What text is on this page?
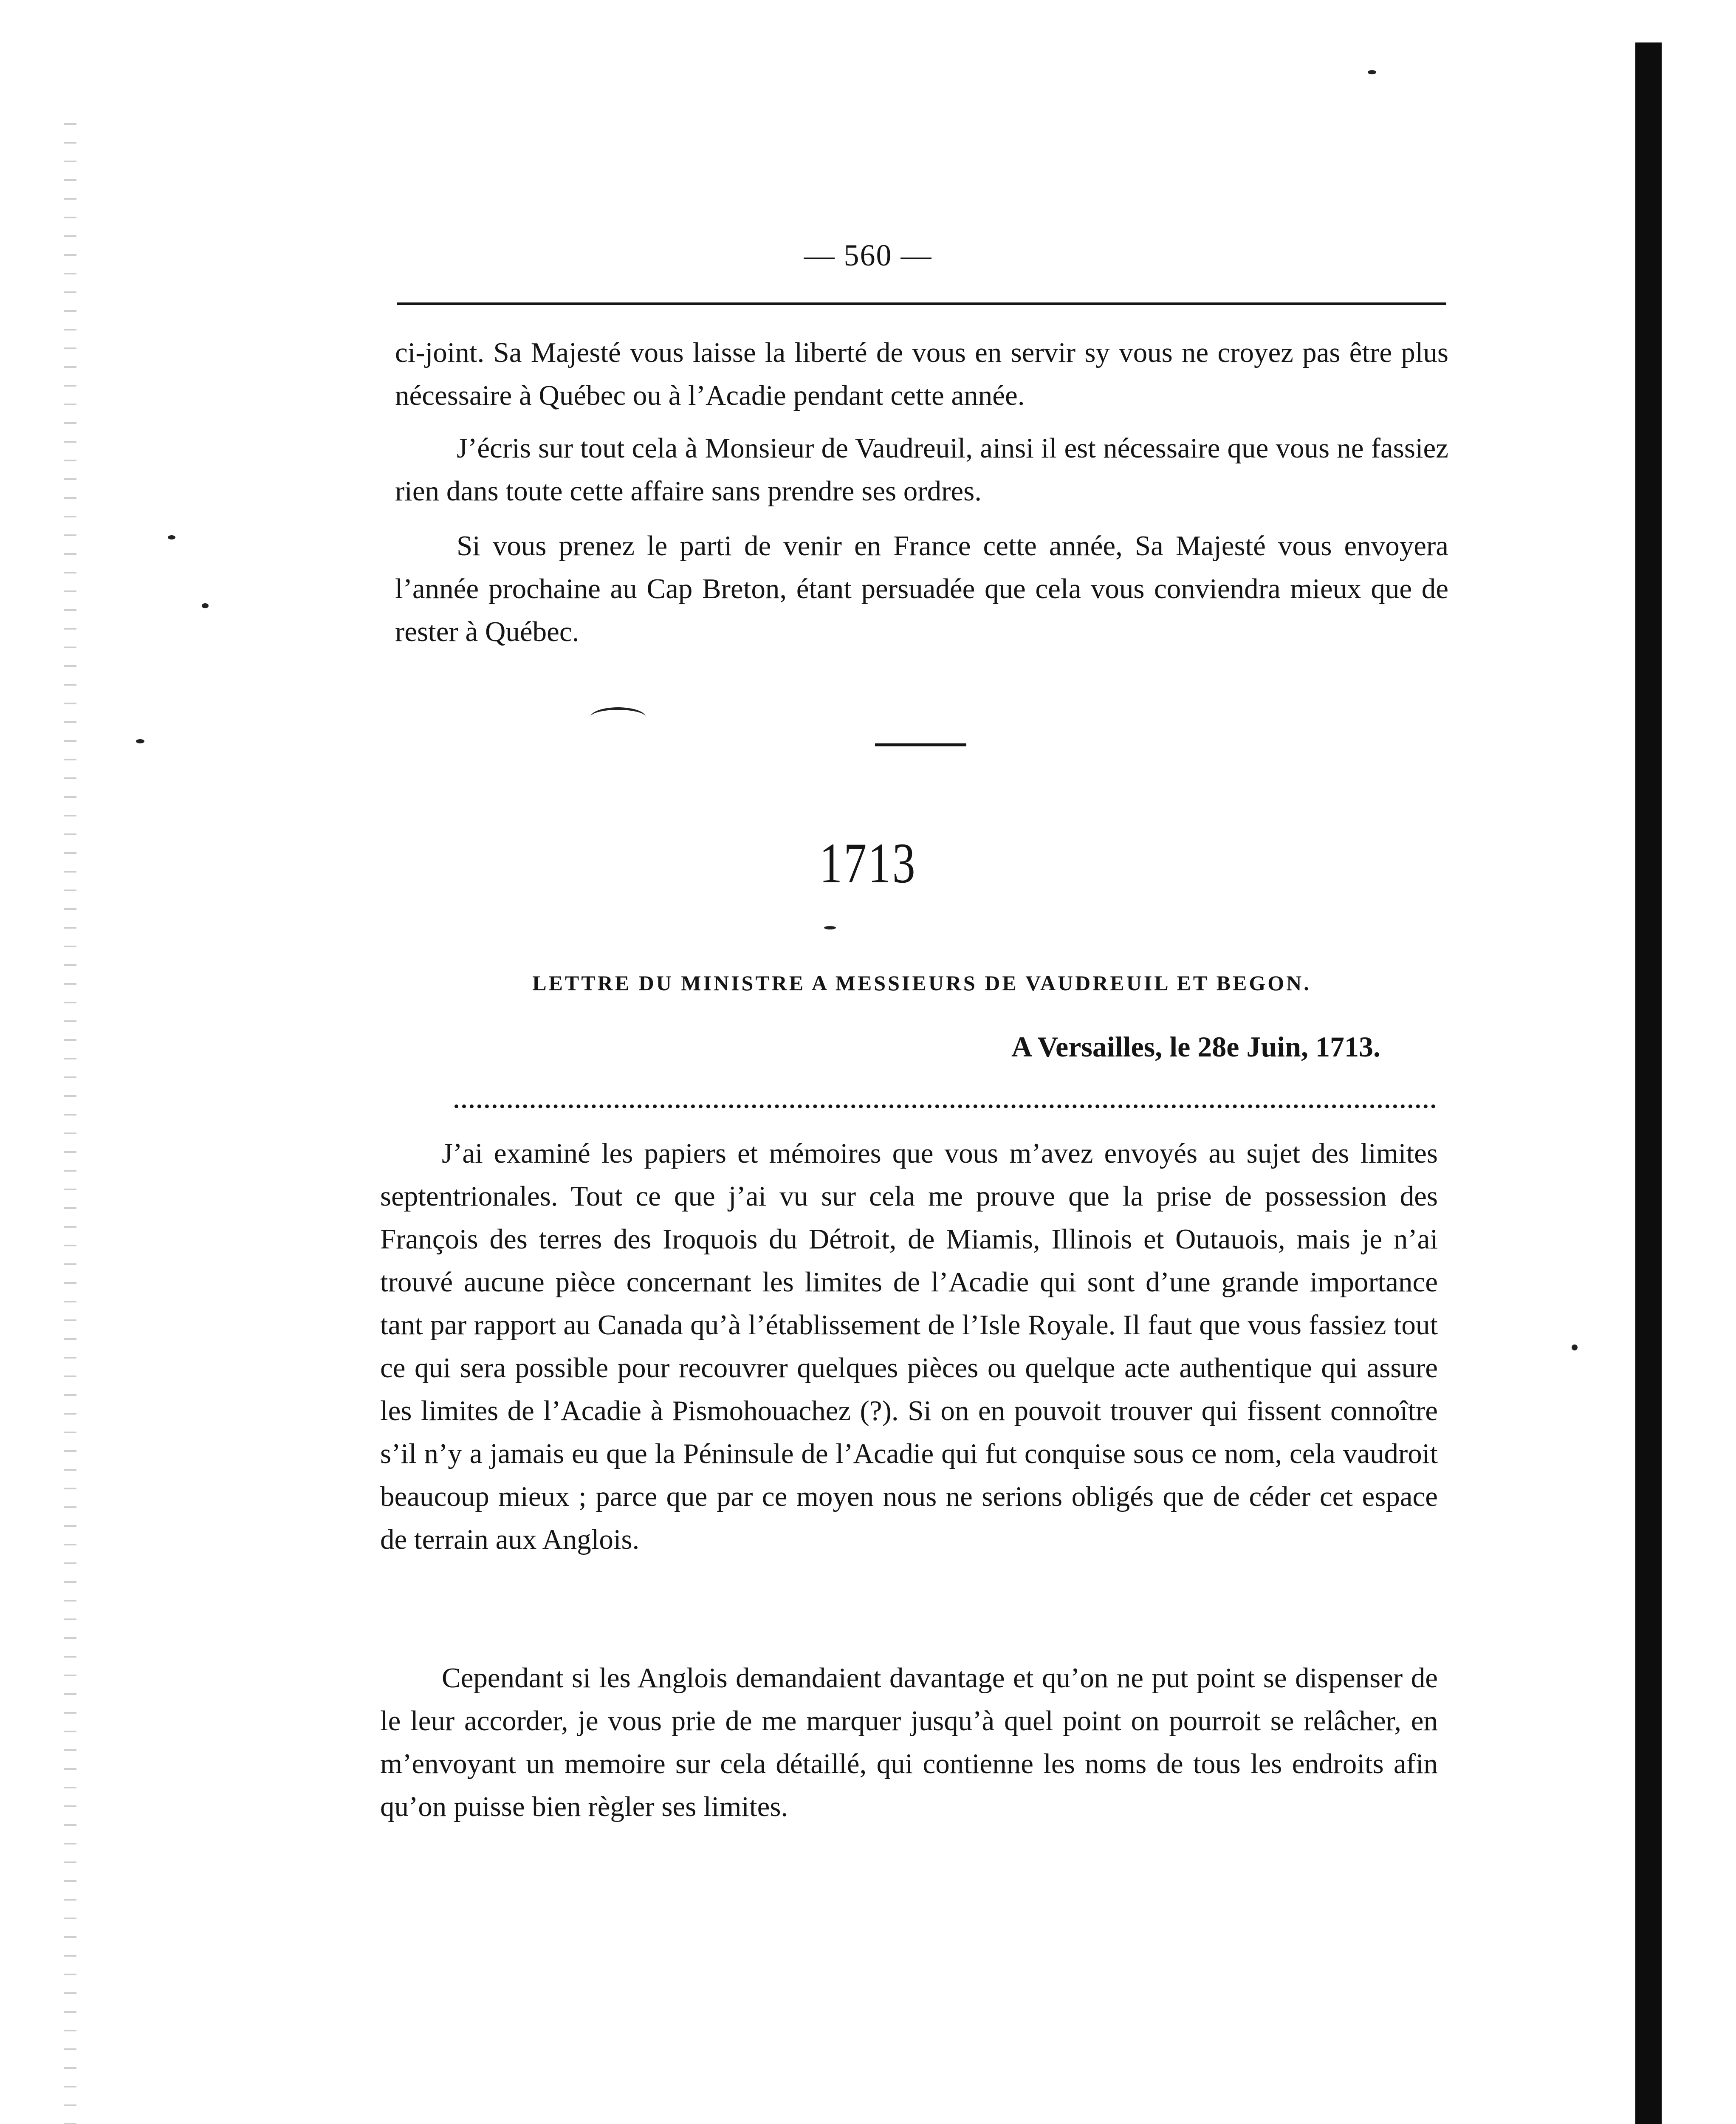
— 560 —

ci-joint. Sa Majesté vous laisse la liberté de vous en servir sy vous ne croyez pas être plus nécessaire à Québec ou à l’Acadie pendant cette année.

J’écris sur tout cela à Monsieur de Vaudreuil, ainsi il est nécessaire que vous ne fassiez rien dans toute cette affaire sans prendre ses ordres.

Si vous prenez le parti de venir en France cette année, Sa Majesté vous envoyera l’année prochaine au Cap Breton, étant persuadée que cela vous conviendra mieux que de rester à Québec.

1713
LETTRE DU MINISTRE A MESSIEURS DE VAUDREUIL ET BEGON.
A Versailles, le 28e Juin, 1713.

J’ai examiné les papiers et mémoires que vous m’avez envoyés au sujet des limites septentrionales. Tout ce que j’ai vu sur cela me prouve que la prise de possession des François des terres des Iroquois du Détroit, de Miamis, Illinois et Outauois, mais je n’ai trouvé aucune pièce concernant les limites de l’Acadie qui sont d’une grande importance tant par rapport au Canada qu’à l’établissement de l’Isle Royale. Il faut que vous fassiez tout ce qui sera possible pour recouvrer quelques pièces ou quelque acte authentique qui assure les limites de l’Acadie à Pismohouachez (?). Si on en pouvoit trouver qui fissent connoître s’il n’y a jamais eu que la Péninsule de l’Acadie qui fut conquise sous ce nom, cela vaudroit beaucoup mieux ; parce que par ce moyen nous ne serions obligés que de céder cet espace de terrain aux Anglois.

Cependant si les Anglois demandaient davantage et qu’on ne put point se dispenser de le leur accorder, je vous prie de me marquer jusqu’à quel point on pourroit se relâcher, en m’envoyant un memoire sur cela détaillé, qui contienne les noms de tous les endroits afin qu’on puisse bien règler ses limites.
